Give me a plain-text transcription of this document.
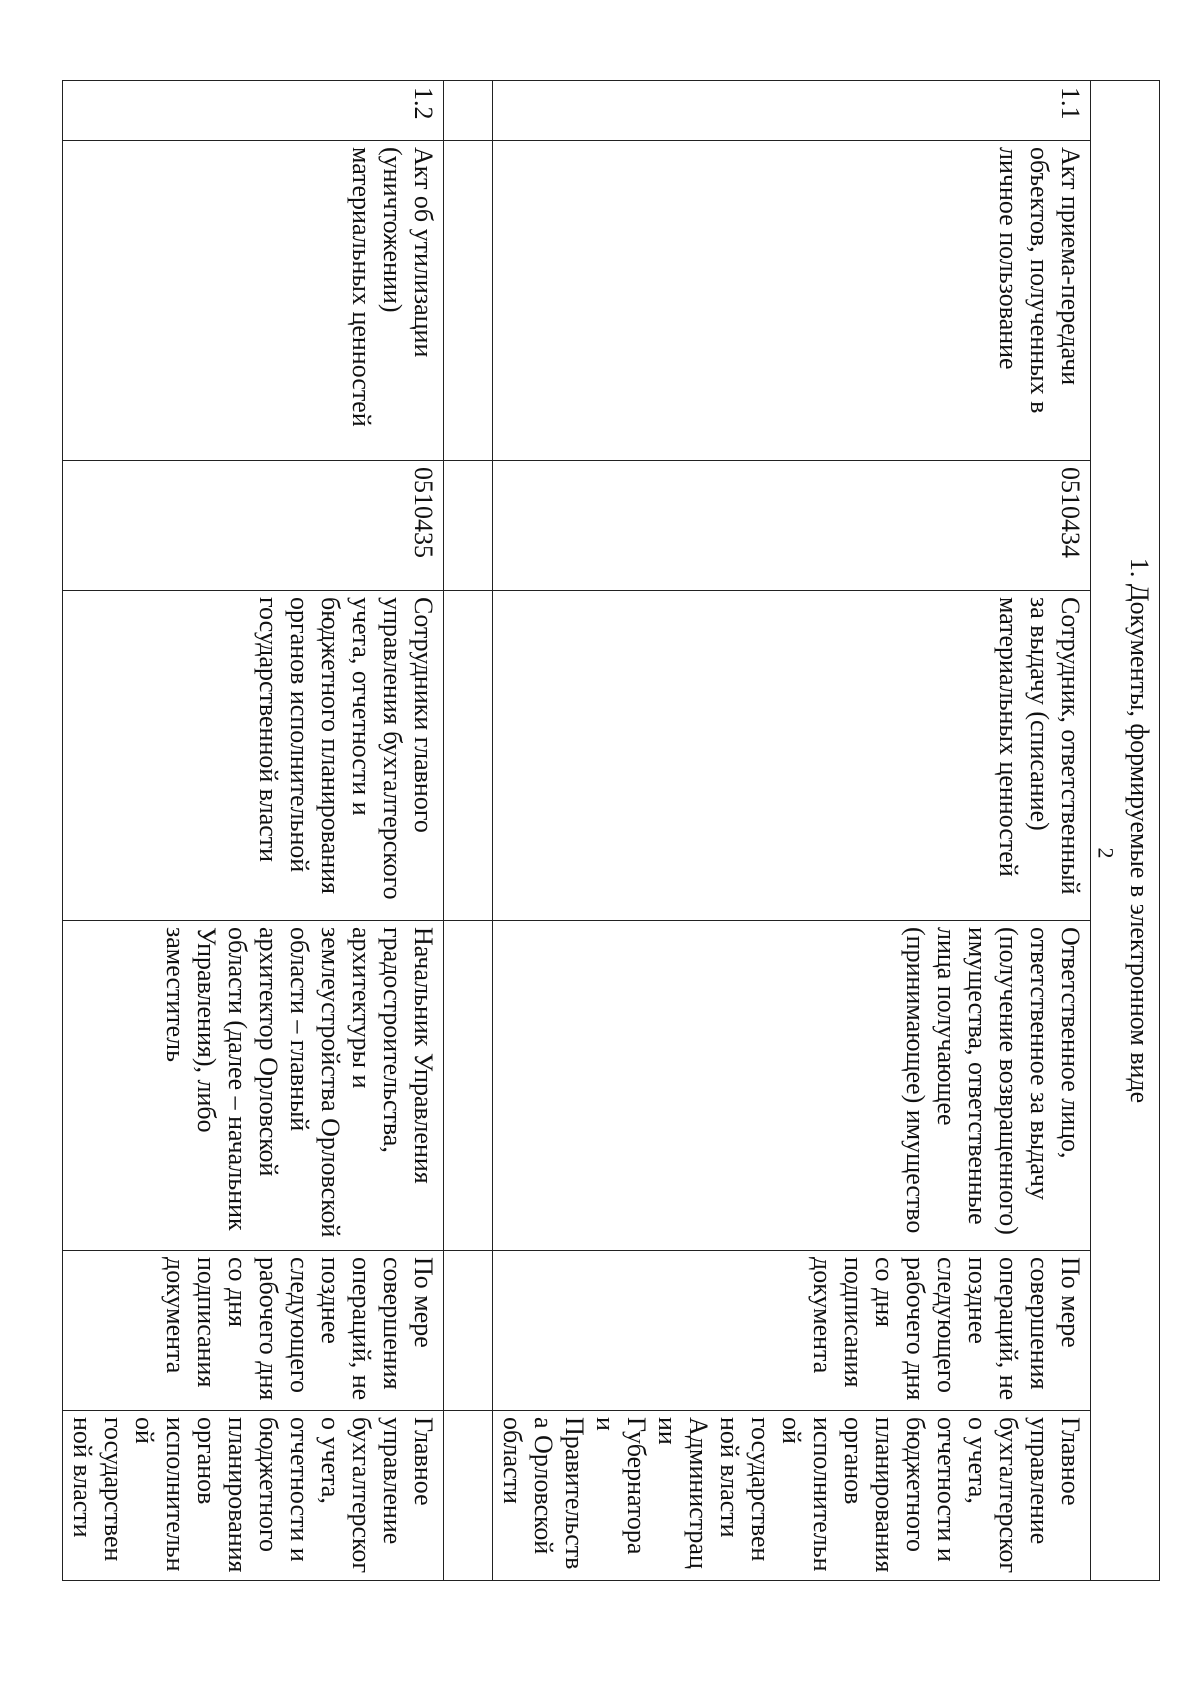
2 1. Документы, формируемые в электронном виде						
1.1	Акт приема-передачи объектов, полученных в личное пользование	0510434	Сотрудник, ответственный за выдачу (списание) материальных ценностей	Ответственное лицо, ответственное за выдачу (получение возвращенного) имущества, ответственные лица получающее (принимающее) имущество	По мере совершения операций, не позднее следующего рабочего дня со дня подписания документа	Главное управление бухгалтерского учета, отчетности и бюджетного планирования органов исполнительной государственной власти Администрации Губернатора и Правительства Орловской области

1.2	Акт об утилизации (уничтожении) материальных ценностей	0510435	Сотрудники главного управления бухгалтерского учета, отчетности и бюджетного планирования органов исполнительной государственной власти	Начальник Управления градостроительства, архитектуры и землеустройства Орловской области – главный архитектор Орловской области (далее – начальник Управления), либо заместитель	По мере совершения операций, не позднее следующего рабочего дня со дня подписания документа	Главное управление бухгалтерского учета, отчетности и бюджетного планирования органов исполнительной государственной власти
